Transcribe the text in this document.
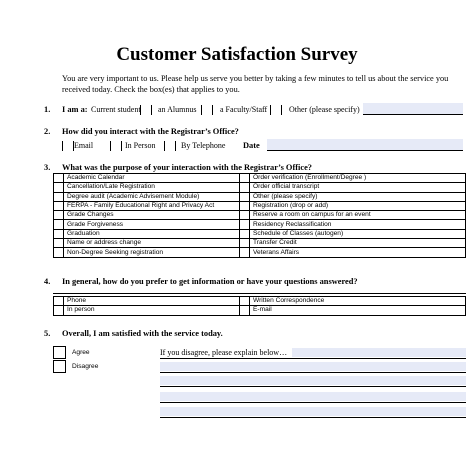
Customer Satisfaction Survey
You are very important to us. Please help us serve you better by taking a few minutes to tell us about the service you received today. Check the box(es) that applies to you.
1. I am a: Current student an Alumnus	a Faculty/Staff	Other (please specify)
2. How did you interact with the Registrar’s Office?
Email	In Person	By Telephone Date
3. What was the purpose of your interaction with the Registrar’s Office?
	Academic Calendar		Order verification (Enrollment/Degree )
	Cancellation/Late Registration		Order official transcript
	Degree audit (Academic Advisement Module)		Other (please specify)
	FERPA - Family Educational Right and Privacy Act		Registration (drop or add)
	Grade Changes		Reserve a room on campus for an event
	Grade Forgiveness		Residency Reclassification
	Graduation		Schedule of Classes (autogen)
	Name or address change		Transfer Credit
	Non-Degree Seeking registration		Veterans Affairs
4. In general, how do you prefer to get information or have your questions answered?
	Phone		Written Correspondence
	In person		E-mail
5. Overall, I am satisfied with the service today.
Agree
Disagree
If you disagree, please explain below…
